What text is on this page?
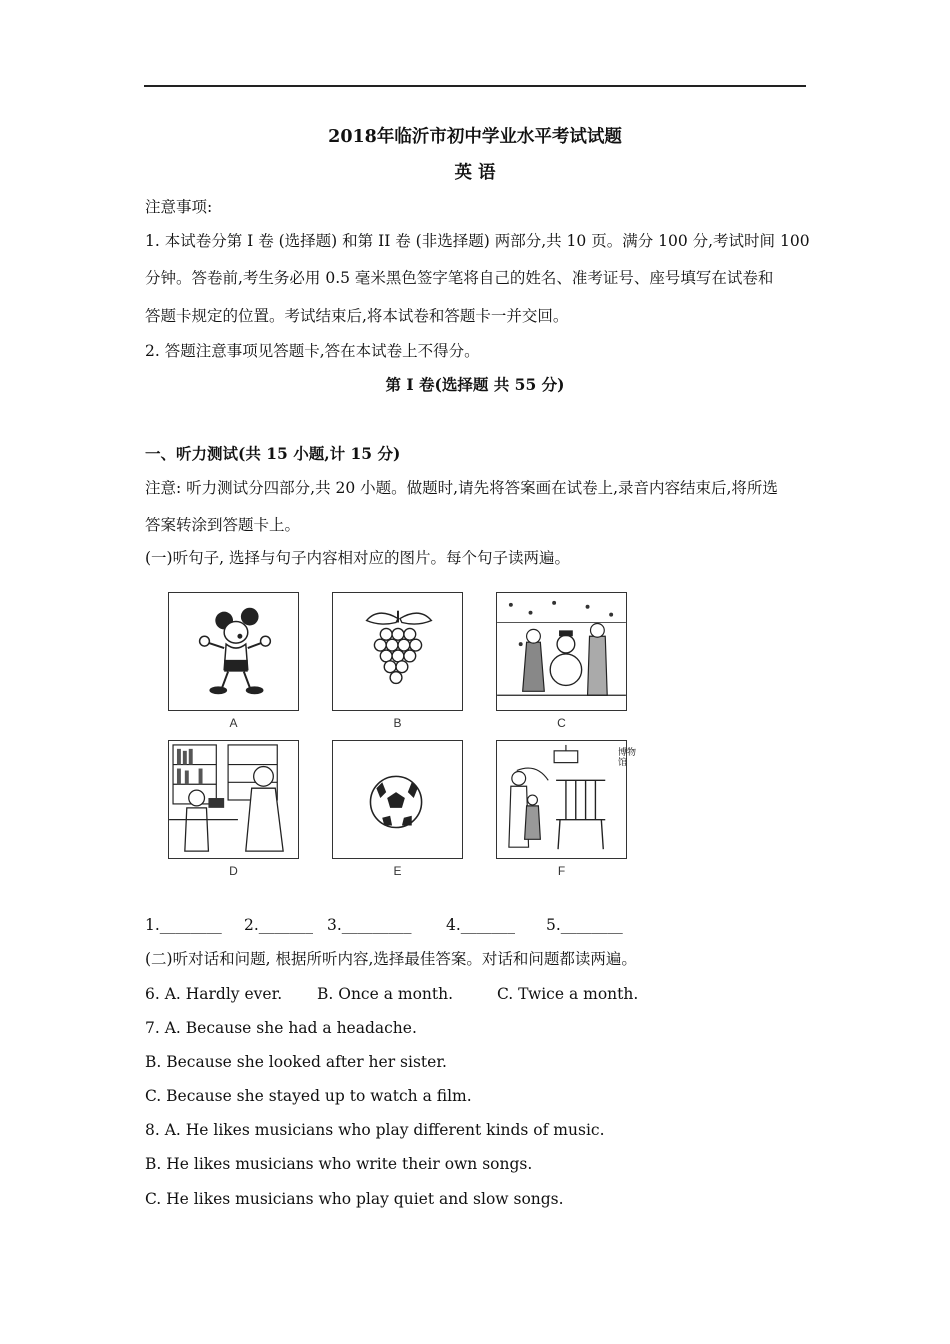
2018年临沂市初中学业水平考试试题
英 语
注意事项:
1. 本试卷分第 I 卷 (选择题) 和第 II 卷 (非选择题) 两部分,共 10 页。满分 100 分,考试时间 100
分钟。答卷前,考生务必用 0.5 毫米黑色签字笔将自己的姓名、准考证号、座号填写在试卷和
答题卡规定的位置。考试结束后,将本试卷和答题卡一并交回。
2. 答题注意事项见答题卡,答在本试卷上不得分。
第 I 卷(选择题 共 55 分)
一、听力测试(共 15 小题,计 15 分)
注意: 听力测试分四部分,共 20 小题。做题时,请先将答案画在试卷上,录音内容结束后,将所选
答案转涂到答题卡上。
(一)听句子, 选择与句子内容相对应的图片。每个句子读两遍。
A	B	C
D	E	F
博物馆
1.________ 2._______ 3._________ 4._______ 5.________
(二)听对话和问题, 根据所听内容,选择最佳答案。对话和问题都读两遍。
6. A. Hardly ever. B. Once a month.	C. Twice a month.
7. A. Because she had a headache.
B. Because she looked after her sister.
C. Because she stayed up to watch a film.
8. A. He likes musicians who play different kinds of music.
B. He likes musicians who write their own songs.
C. He likes musicians who play quiet and slow songs.
